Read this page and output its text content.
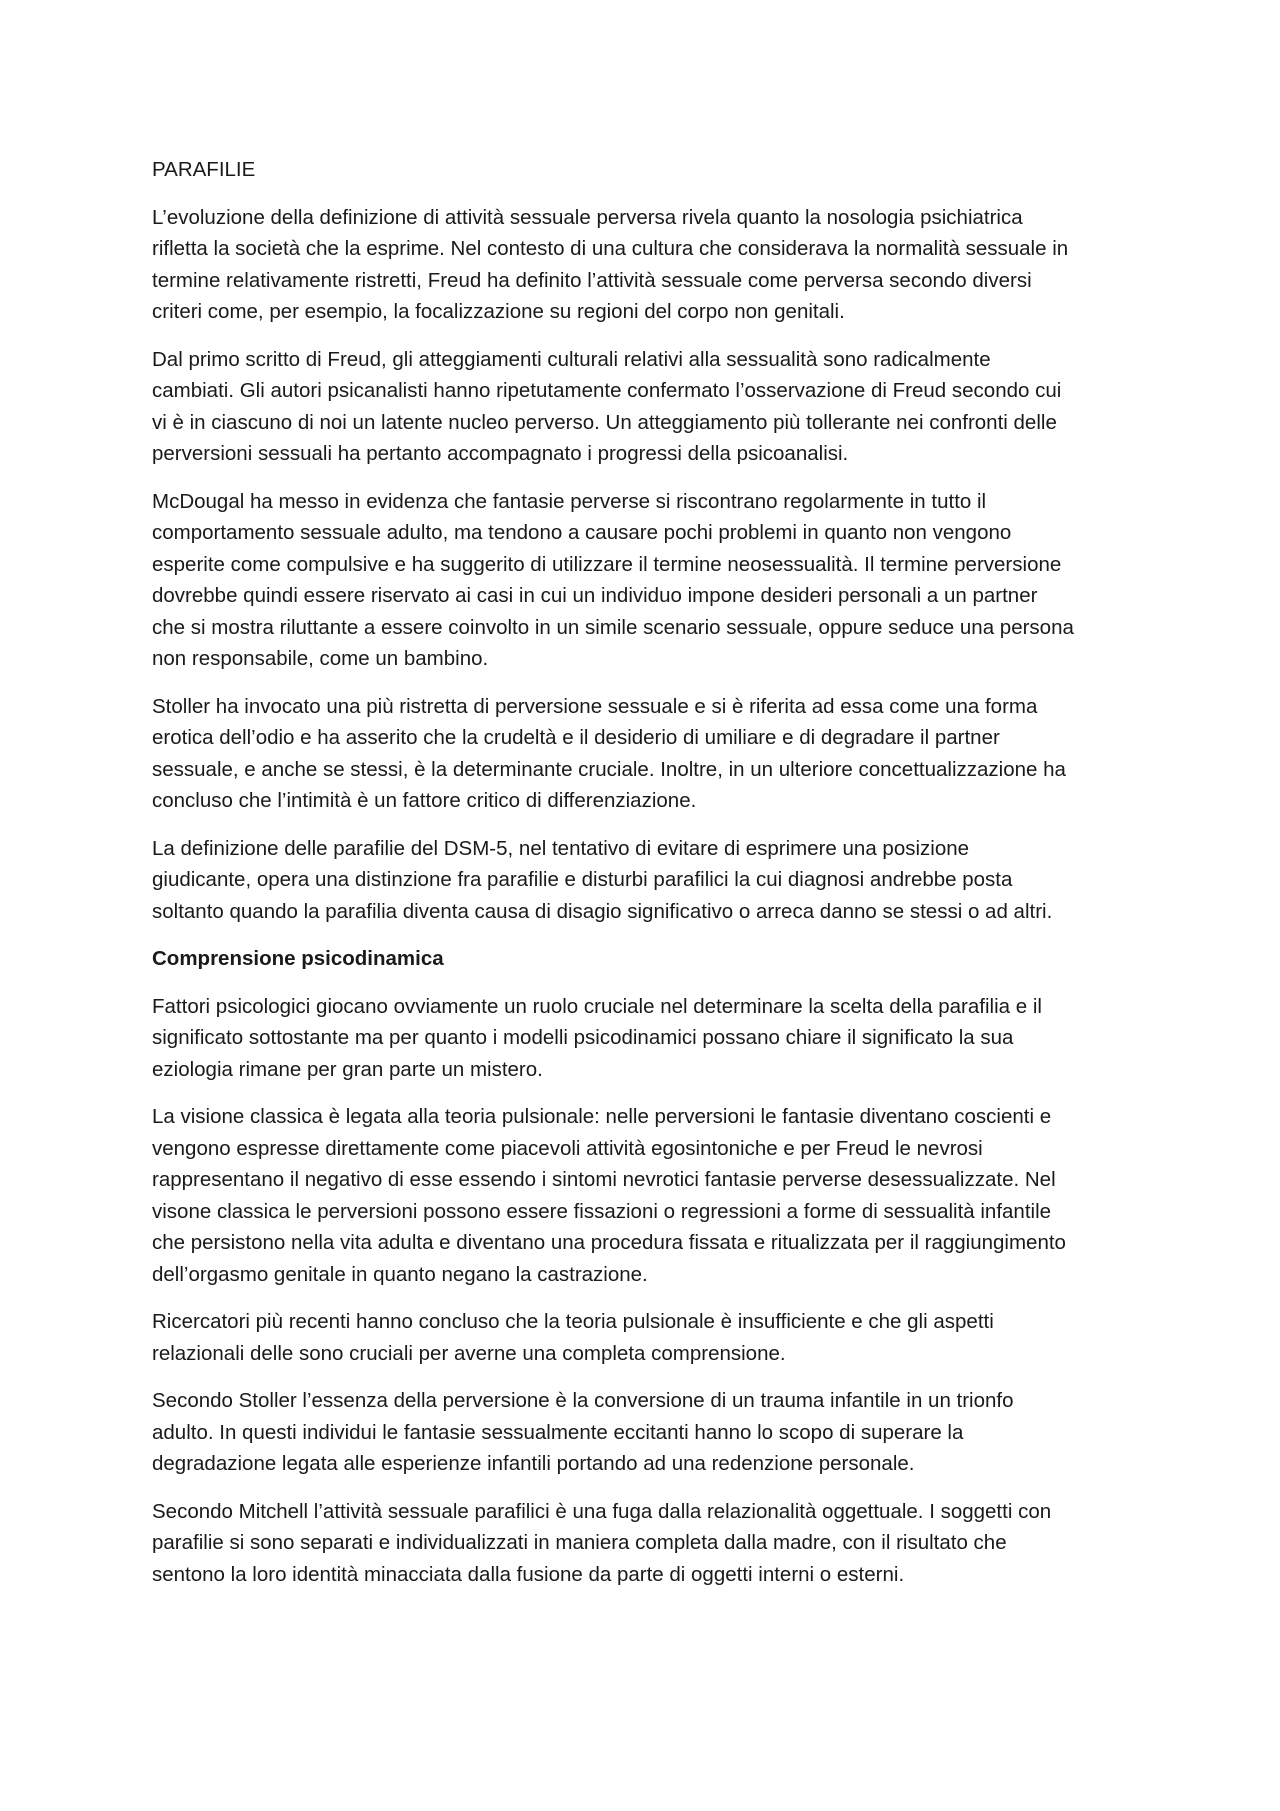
PARAFILIE

L’evoluzione della definizione di attività sessuale perversa rivela quanto la nosologia psichiatrica
rifletta la società che la esprime. Nel contesto di una cultura che considerava la normalità sessuale in
termine relativamente ristretti, Freud ha definito l’attività sessuale come perversa secondo diversi
criteri come, per esempio, la focalizzazione su regioni del corpo non genitali.

Dal primo scritto di Freud, gli atteggiamenti culturali relativi alla sessualità sono radicalmente
cambiati. Gli autori psicanalisti hanno ripetutamente confermato l’osservazione di Freud secondo cui
vi è in ciascuno di noi un latente nucleo perverso. Un atteggiamento più tollerante nei confronti delle
perversioni sessuali ha pertanto accompagnato i progressi della psicoanalisi.

McDougal ha messo in evidenza che fantasie perverse si riscontrano regolarmente in tutto il
comportamento sessuale adulto, ma tendono a causare pochi problemi in quanto non vengono
esperite come compulsive e ha suggerito di utilizzare il termine neosessualità. Il termine perversione
dovrebbe quindi essere riservato ai casi in cui un individuo impone desideri personali a un partner
che si mostra riluttante a essere coinvolto in un simile scenario sessuale, oppure seduce una persona
non responsabile, come un bambino.

Stoller ha invocato una più ristretta di perversione sessuale e si è riferita ad essa come una forma
erotica dell’odio e ha asserito che la crudeltà e il desiderio di umiliare e di degradare il partner
sessuale, e anche se stessi, è la determinante cruciale. Inoltre, in un ulteriore concettualizzazione ha
concluso che l’intimità è un fattore critico di differenziazione.

La definizione delle parafilie del DSM-5, nel tentativo di evitare di esprimere una posizione
giudicante, opera una distinzione fra parafilie e disturbi parafilici la cui diagnosi andrebbe posta
soltanto quando la parafilia diventa causa di disagio significativo o arreca danno se stessi o ad altri.

Comprensione psicodinamica

Fattori psicologici giocano ovviamente un ruolo cruciale nel determinare la scelta della parafilia e il
significato sottostante ma per quanto i modelli psicodinamici possano chiare il significato la sua
eziologia rimane per gran parte un mistero.

La visione classica è legata alla teoria pulsionale: nelle perversioni le fantasie diventano coscienti e
vengono espresse direttamente come piacevoli attività egosintoniche e per Freud le nevrosi
rappresentano il negativo di esse essendo i sintomi nevrotici fantasie perverse desessualizzate. Nel
visone classica le perversioni possono essere fissazioni o regressioni a forme di sessualità infantile
che persistono nella vita adulta e diventano una procedura fissata e ritualizzata per il raggiungimento
dell’orgasmo genitale in quanto negano la castrazione.

Ricercatori più recenti hanno concluso che la teoria pulsionale è insufficiente e che gli aspetti
relazionali delle sono cruciali per averne una completa comprensione.

Secondo Stoller l’essenza della perversione è la conversione di un trauma infantile in un trionfo
adulto. In questi individui le fantasie sessualmente eccitanti hanno lo scopo di superare la
degradazione legata alle esperienze infantili portando ad una redenzione personale.

Secondo Mitchell l’attività sessuale parafilici è una fuga dalla relazionalità oggettuale. I soggetti con
parafilie si sono separati e individualizzati in maniera completa dalla madre, con il risultato che
sentono la loro identità minacciata dalla fusione da parte di oggetti interni o esterni.
